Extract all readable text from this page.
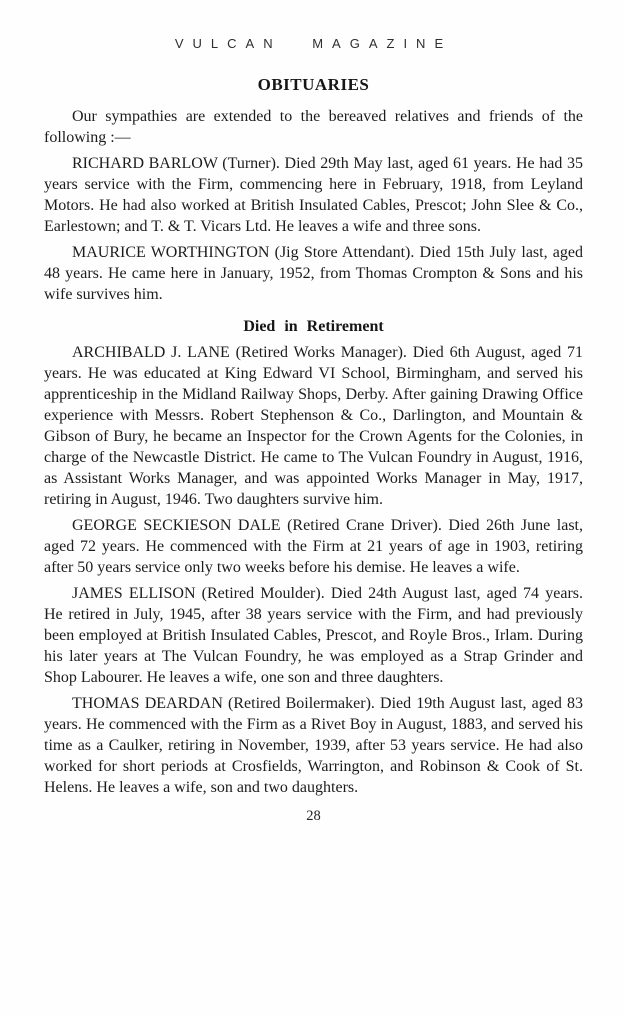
VULCAN MAGAZINE
OBITUARIES

Our sympathies are extended to the bereaved relatives and friends of the following :—

RICHARD BARLOW (Turner). Died 29th May last, aged 61 years. He had 35 years service with the Firm, commencing here in February, 1918, from Leyland Motors. He had also worked at British Insulated Cables, Prescot; John Slee & Co., Earlestown; and T. & T. Vicars Ltd. He leaves a wife and three sons.

MAURICE WORTHINGTON (Jig Store Attendant). Died 15th July last, aged 48 years. He came here in January, 1952, from Thomas Crompton & Sons and his wife survives him.

Died in Retirement

ARCHIBALD J. LANE (Retired Works Manager). Died 6th August, aged 71 years. He was educated at King Edward VI School, Birmingham, and served his apprenticeship in the Midland Railway Shops, Derby. After gaining Drawing Office experience with Messrs. Robert Stephenson & Co., Darlington, and Mountain & Gibson of Bury, he became an Inspector for the Crown Agents for the Colonies, in charge of the Newcastle District. He came to The Vulcan Foundry in August, 1916, as Assistant Works Manager, and was appointed Works Manager in May, 1917, retiring in August, 1946. Two daughters survive him.

GEORGE SECKIESON DALE (Retired Crane Driver). Died 26th June last, aged 72 years. He commenced with the Firm at 21 years of age in 1903, retiring after 50 years service only two weeks before his demise. He leaves a wife.

JAMES ELLISON (Retired Moulder). Died 24th August last, aged 74 years. He retired in July, 1945, after 38 years service with the Firm, and had previously been employed at British Insulated Cables, Prescot, and Royle Bros., Irlam. During his later years at The Vulcan Foundry, he was employed as a Strap Grinder and Shop Labourer. He leaves a wife, one son and three daughters.

THOMAS DEARDAN (Retired Boilermaker). Died 19th August last, aged 83 years. He commenced with the Firm as a Rivet Boy in August, 1883, and served his time as a Caulker, retiring in November, 1939, after 53 years service. He had also worked for short periods at Crosfields, Warrington, and Robinson & Cook of St. Helens. He leaves a wife, son and two daughters.

28
